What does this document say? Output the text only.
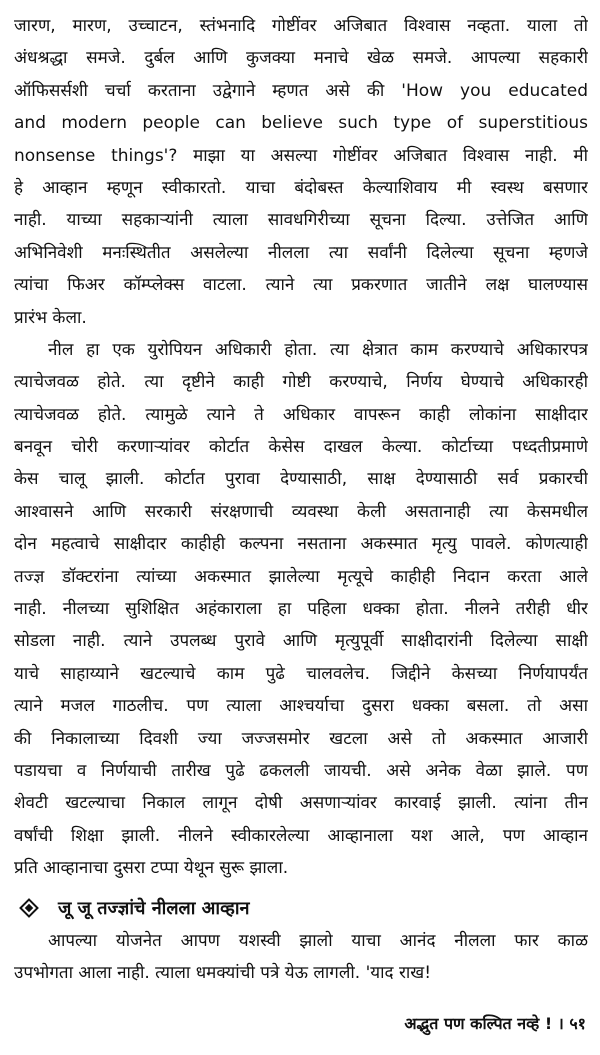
जारण, मारण, उच्चाटन, स्तंभनादि गोष्टींवर अजिबात विश्वास नव्हता. याला तो
अंधश्रद्धा समजे. दुर्बल आणि कुजक्या मनाचे खेळ समजे. आपल्या सहकारी
ऑफिसर्सशी चर्चा करताना उद्वेगाने म्हणत असे की 'How you educated
and modern people can believe such type of superstitious
nonsense things'? माझा या असल्या गोष्टींवर अजिबात विश्वास नाही. मी
हे आव्हान म्हणून स्वीकारतो. याचा बंदोबस्त केल्याशिवाय मी स्वस्थ बसणार
नाही. याच्या सहकाऱ्यांनी त्याला सावधगिरीच्या सूचना दिल्या. उत्तेजित आणि
अभिनिवेशी मनःस्थितीत असलेल्या नीलला त्या सर्वांनी दिलेल्या सूचना म्हणजे
त्यांचा फिअर कॉम्प्लेक्स वाटला. त्याने त्या प्रकरणात जातीने लक्ष घालण्यास
प्रारंभ केला.
नील हा एक युरोपियन अधिकारी होता. त्या क्षेत्रात काम करण्याचे अधिकारपत्र
त्याचेजवळ होते. त्या दृष्टीने काही गोष्टी करण्याचे, निर्णय घेण्याचे अधिकारही
त्याचेजवळ होते. त्यामुळे त्याने ते अधिकार वापरून काही लोकांना साक्षीदार
बनवून चोरी करणाऱ्यांवर कोर्टात केसेस दाखल केल्या. कोर्टाच्या पध्दतीप्रमाणे
केस चालू झाली. कोर्टात पुरावा देण्यासाठी, साक्ष देण्यासाठी सर्व प्रकारची
आश्वासने आणि सरकारी संरक्षणाची व्यवस्था केली असतानाही त्या केसमधील
दोन महत्वाचे साक्षीदार काहीही कल्पना नसताना अकस्मात मृत्यु पावले. कोणत्याही
तज्ज्ञ डॉक्टरांना त्यांच्या अकस्मात झालेल्या मृत्यूचे काहीही निदान करता आले
नाही. नीलच्या सुशिक्षित अहंकाराला हा पहिला धक्का होता. नीलने तरीही धीर
सोडला नाही. त्याने उपलब्ध पुरावे आणि मृत्युपूर्वी साक्षीदारांनी दिलेल्या साक्षी
याचे साहाय्याने खटल्याचे काम पुढे चालवलेच. जिद्दीने केसच्या निर्णयापर्यंत
त्याने मजल गाठलीच. पण त्याला आश्चर्याचा दुसरा धक्का बसला. तो असा
की निकालाच्या दिवशी ज्या जज्जसमोर खटला असे तो अकस्मात आजारी
पडायचा व निर्णयाची तारीख पुढे ढकलली जायची. असे अनेक वेळा झाले. पण
शेवटी खटल्याचा निकाल लागून दोषी असणाऱ्यांवर कारवाई झाली. त्यांना तीन
वर्षांची शिक्षा झाली. नीलने स्वीकारलेल्या आव्हानाला यश आले, पण आव्हान
प्रति आव्हानाचा दुसरा टप्पा येथून सुरू झाला.
जू जू तज्ज्ञांचे नीलला आव्हान
आपल्या योजनेत आपण यशस्वी झालो याचा आनंद नीलला फार काळ
उपभोगता आला नाही. त्याला धमक्यांची पत्रे येऊ लागली. 'याद राख!
अद्भुत पण कल्पित नव्हे ! । ५१
